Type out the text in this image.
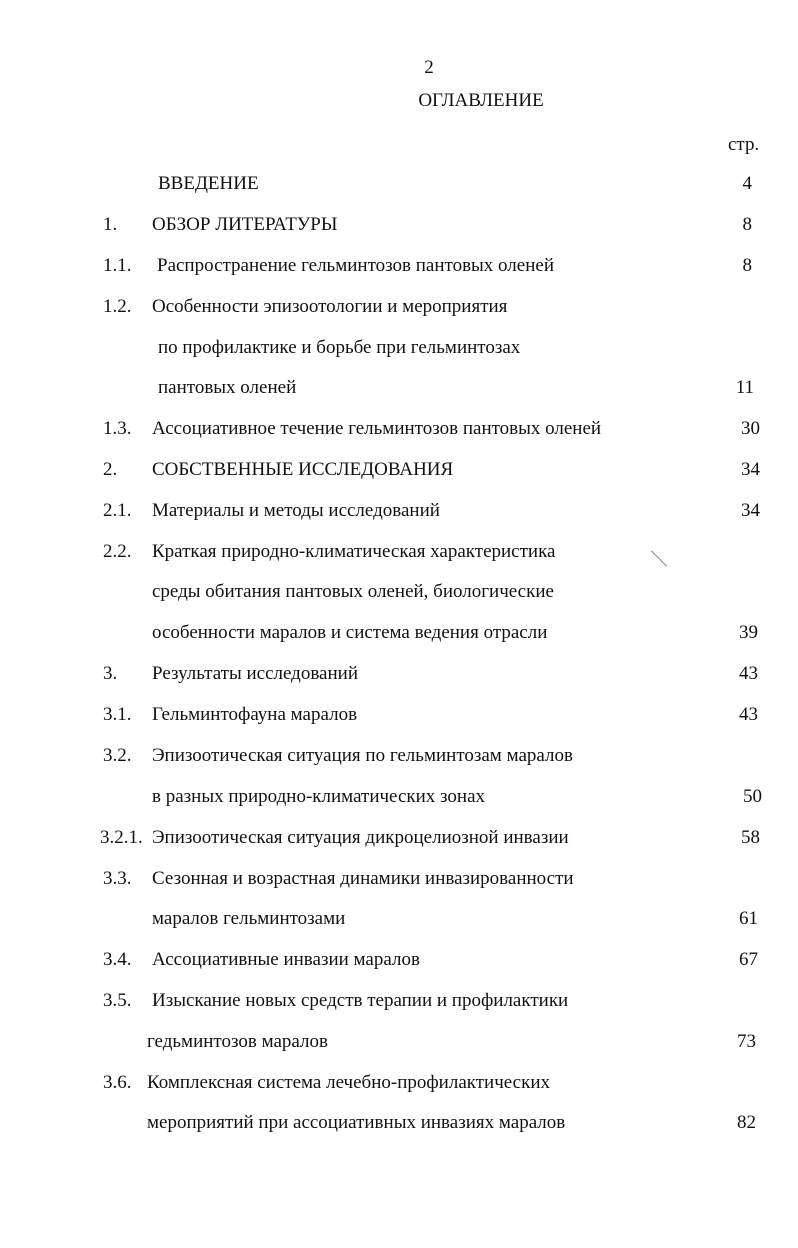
2
ОГЛАВЛЕНИЕ
стр.
ВВЕДЕНИЕ	4
1. ОБЗОР ЛИТЕРАТУРЫ	8
1.1. Распространение гельминтозов пантовых оленей	8
1.2. Особенности эпизоотологии и мероприятия
по профилактике и борьбе при гельминтозах
пантовых оленей	11
1.3. Ассоциативное течение гельминтозов пантовых оленей	30
2. СОБСТВЕННЫЕ ИССЛЕДОВАНИЯ	34
2.1. Материалы и методы исследований	34
2.2. Краткая природно-климатическая характеристика
среды обитания пантовых оленей, биологические
особенности маралов и система ведения отрасли	39
3. Результаты исследований	43
3.1. Гельминтофауна маралов	43
3.2. Эпизоотическая ситуация по гельминтозам маралов
в разных природно-климатических зонах	50
3.2.1. Эпизоотическая ситуация дикроцелиозной инвазии	58
3.3. Сезонная и возрастная динамики инвазированности
маралов гельминтозами	61
3.4. Ассоциативные инвазии маралов	67
3.5. Изыскание новых средств терапии и профилактики
гедьминтозов маралов	73
3.6. Комплексная система лечебно-профилактических
мероприятий при ассоциативных инвазиях маралов	82
